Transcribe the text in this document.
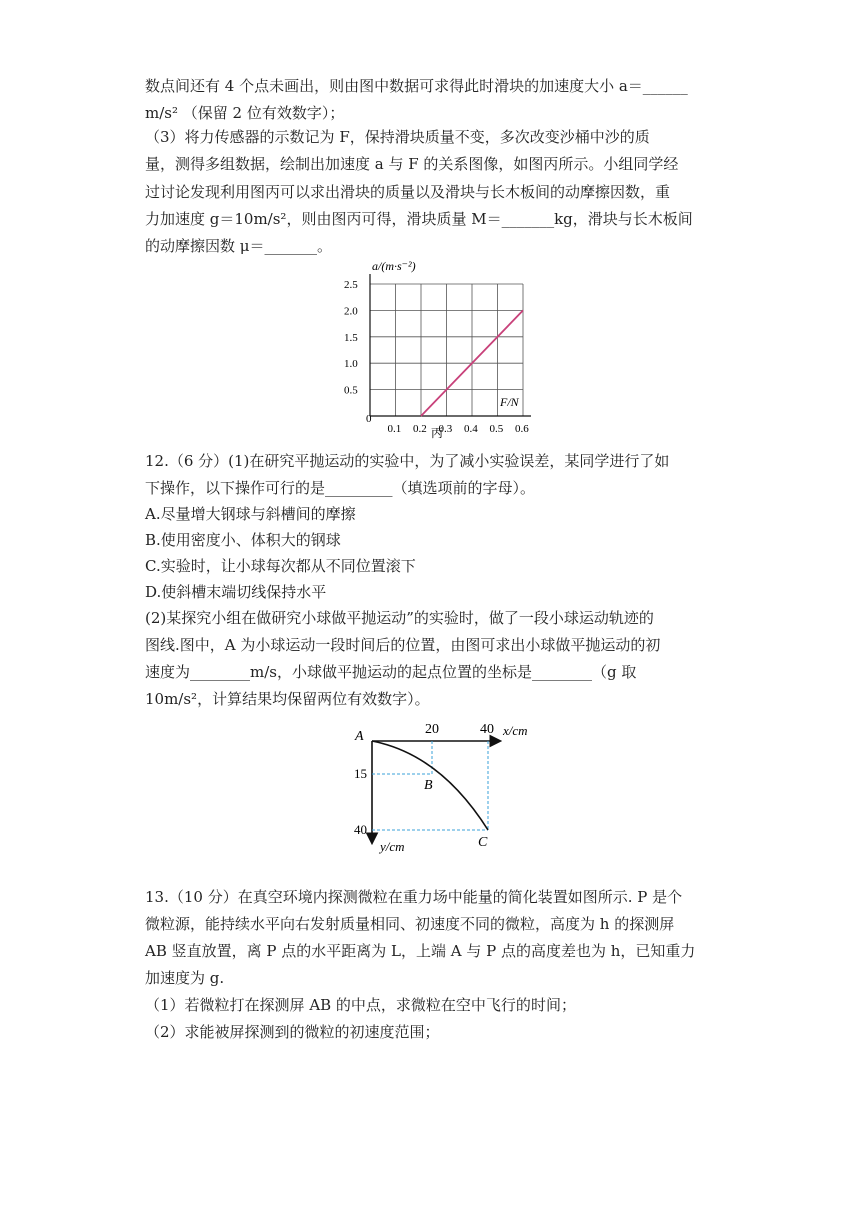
数点间还有 4 个点未画出，则由图中数据可求得此时滑块的加速度大小 a＝______
m/s² （保留 2 位有效数字）；
（3）将力传感器的示数记为 F，保持滑块质量不变，多次改变沙桶中沙的质
量，测得多组数据，绘制出加速度 a 与 F 的关系图像，如图丙所示。小组同学经
过讨论发现利用图丙可以求出滑块的质量以及滑块与长木板间的动摩擦因数，重
力加速度 g＝10m/s²，则由图丙可得，滑块质量 M＝_______kg，滑块与长木板间
的动摩擦因数 μ＝_______。
0.1 0.2 0.3 0.4 0.5 0.6
0.5
1.0
1.5
2.0
2.5
a/(m·s⁻²)
F/N
0
丙
12.（6 分）(1)在研究平抛运动的实验中，为了减小实验误差，某同学进行了如
下操作，以下操作可行的是_________（填选项前的字母）。
A.尽量增大钢球与斜槽间的摩擦
B.使用密度小、体积大的钢球
C.实验时，让小球每次都从不同位置滚下
D.使斜槽末端切线保持水平
(2)某探究小组在做研究小球做平抛运动”的实验时，做了一段小球运动轨迹的
图线.图中，A 为小球运动一段时间后的位置，由图可求出小球做平抛运动的初
速度为________m/s，小球做平抛运动的起点位置的坐标是________（g 取
10m/s²，计算结果均保留两位有效数字）。
A
B
C
20	40 x/cm
15
40
y/cm
13.（10 分）在真空环境内探测微粒在重力场中能量的简化装置如图所示. P 是个
微粒源，能持续水平向右发射质量相同、初速度不同的微粒，高度为 h 的探测屏
AB 竖直放置，离 P 点的水平距离为 L，上端 A 与 P 点的高度差也为 h，已知重力
加速度为 g.
（1）若微粒打在探测屏 AB 的中点，求微粒在空中飞行的时间；
（2）求能被屏探测到的微粒的初速度范围；
